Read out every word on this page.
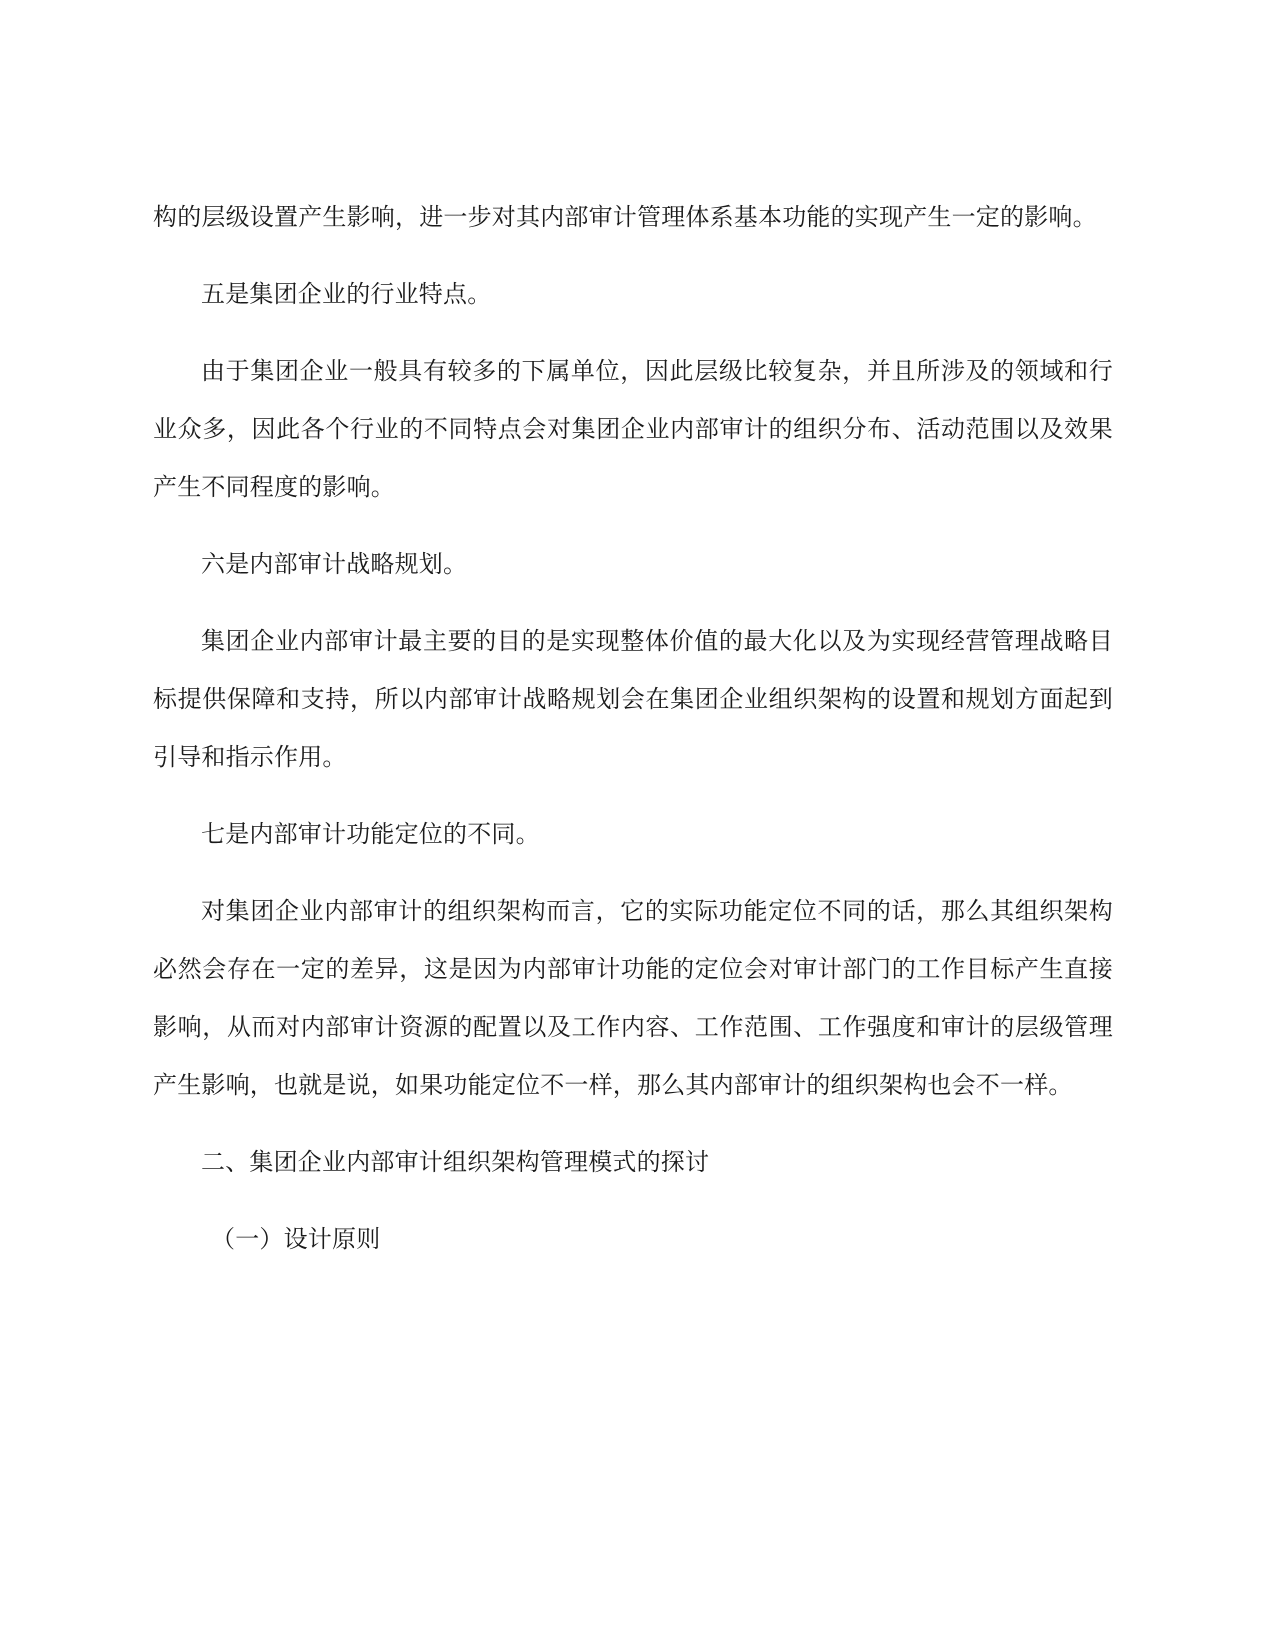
构的层级设置产生影响，进一步对其内部审计管理体系基本功能的实现产生一定的影响。

五是集团企业的行业特点。

由于集团企业一般具有较多的下属单位，因此层级比较复杂，并且所涉及的领域和行业众多，因此各个行业的不同特点会对集团企业内部审计的组织分布、活动范围以及效果产生不同程度的影响。

六是内部审计战略规划。

集团企业内部审计最主要的目的是实现整体价值的最大化以及为实现经营管理战略目标提供保障和支持，所以内部审计战略规划会在集团企业组织架构的设置和规划方面起到引导和指示作用。

七是内部审计功能定位的不同。

对集团企业内部审计的组织架构而言，它的实际功能定位不同的话，那么其组织架构必然会存在一定的差异，这是因为内部审计功能的定位会对审计部门的工作目标产生直接影响，从而对内部审计资源的配置以及工作内容、工作范围、工作强度和审计的层级管理产生影响，也就是说，如果功能定位不一样，那么其内部审计的组织架构也会不一样。

二、集团企业内部审计组织架构管理模式的探讨

（一）设计原则
